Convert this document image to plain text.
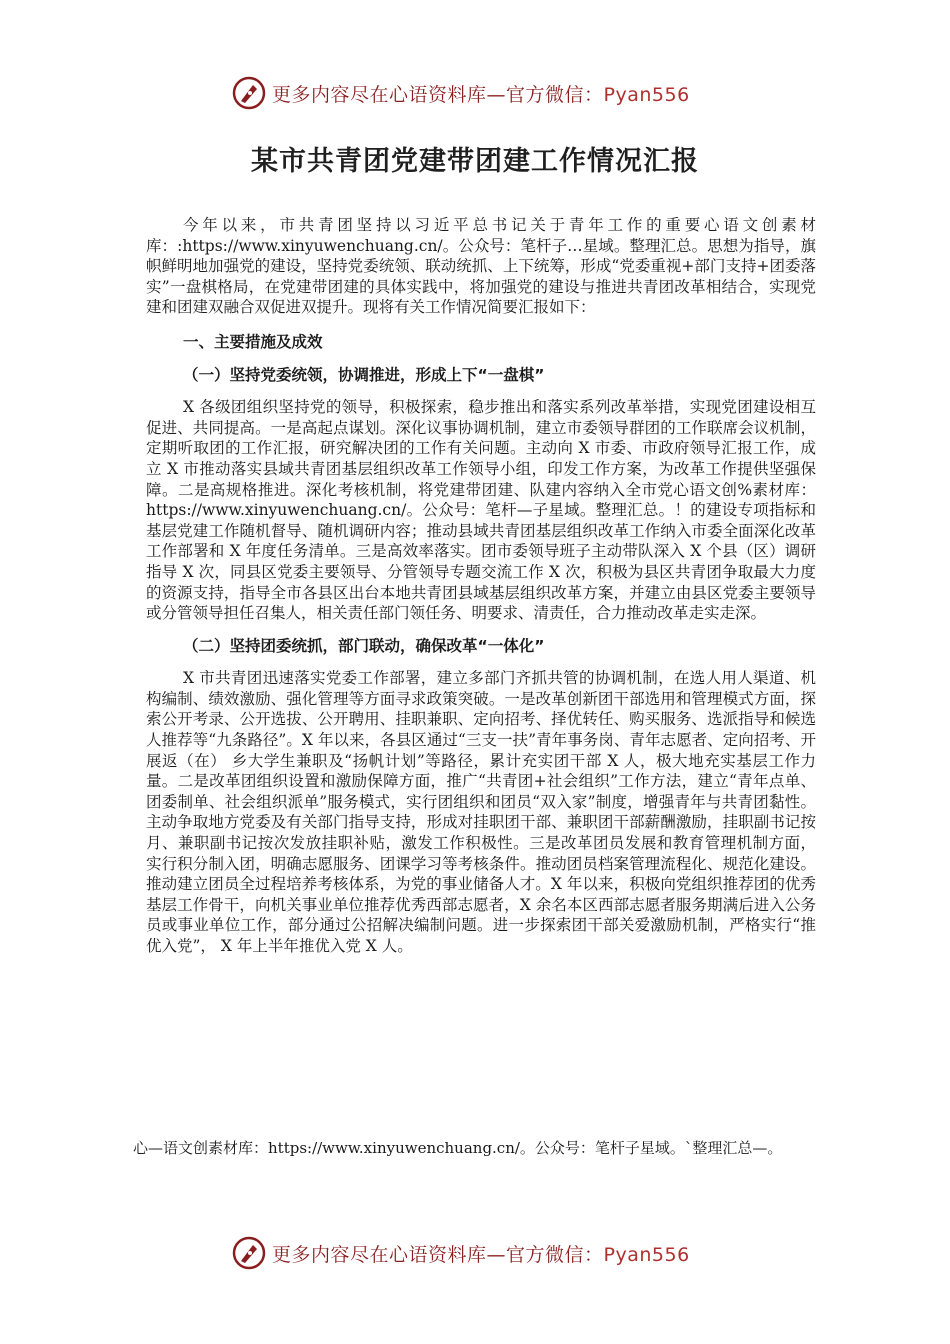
更多内容尽在心语资料库—官方微信：Pyan556
某市共青团党建带团建工作情况汇报

今年以来，市共青团坚持以习近平总书记关于青年工作的重要心语文创素材库：:https://www.xinyuwenchuang.cn/。公众号：笔杆子…星域。整理汇总。思想为指导，旗帜鲜明地加强党的建设，坚持党委统领、联动统抓、上下统筹，形成“党委重视+部门支持+团委落实”一盘棋格局，在党建带团建的具体实践中，将加强党的建设与推进共青团改革相结合，实现党建和团建双融合双促进双提升。现将有关工作情况简要汇报如下：

一、主要措施及成效
（一）坚持党委统领，协调推进，形成上下“一盘棋”

X 各级团组织坚持党的领导，积极探索，稳步推出和落实系列改革举措，实现党团建设相互促进、共同提高。一是高起点谋划。深化议事协调机制，建立市委领导群团的工作联席会议机制，定期听取团的工作汇报，研究解决团的工作有关问题。主动向 X 市委、市政府领导汇报工作，成立 X 市推动落实县域共青团基层组织改革工作领导小组，印发工作方案，为改革工作提供坚强保障。二是高规格推进。深化考核机制，将党建带团建、队建内容纳入全市党心语文创%素材库：https://www.xinyuwenchuang.cn/。公众号：笔杆—子星域。整理汇总。！的建设专项指标和基层党建工作随机督导、随机调研内容；推动县域共青团基层组织改革工作纳入市委全面深化改革工作部署和 X 年度任务清单。三是高效率落实。团市委领导班子主动带队深入 X 个县（区）调研指导 X 次，同县区党委主要领导、分管领导专题交流工作 X 次，积极为县区共青团争取最大力度的资源支持，指导全市各县区出台本地共青团县域基层组织改革方案，并建立由县区党委主要领导或分管领导担任召集人，相关责任部门领任务、明要求、清责任，合力推动改革走实走深。

（二）坚持团委统抓，部门联动，确保改革“一体化”

X 市共青团迅速落实党委工作部署，建立多部门齐抓共管的协调机制，在选人用人渠道、机构编制、绩效激励、强化管理等方面寻求政策突破。一是改革创新团干部选用和管理模式方面，探索公开考录、公开选拔、公开聘用、挂职兼职、定向招考、择优转任、购买服务、选派指导和候选人推荐等“九条路径”。X 年以来，各县区通过“三支一扶”青年事务岗、青年志愿者、定向招考、开展返（在） 乡大学生兼职及“扬帆计划”等路径，累计充实团干部 X 人，极大地充实基层工作力量。二是改革团组织设置和激励保障方面，推广“共青团+社会组织”工作方法，建立“青年点单、团委制单、社会组织派单”服务模式，实行团组织和团员“双入家”制度，增强青年与共青团黏性。主动争取地方党委及有关部门指导支持，形成对挂职团干部、兼职团干部薪酬激励，挂职副书记按月、兼职副书记按次发放挂职补贴，激发工作积极性。三是改革团员发展和教育管理机制方面， 实行积分制入团，明确志愿服务、团课学习等考核条件。推动团员档案管理流程化、规范化建设。推动建立团员全过程培养考核体系，为党的事业储备人才。X 年以来，积极向党组织推荐团的优秀基层工作骨干，向机关事业单位推荐优秀西部志愿者，X 余名本区西部志愿者服务期满后进入公务员或事业单位工作，部分通过公招解决编制问题。进一步探索团干部关爱激励机制，严格实行“推优入党”， X 年上半年推优入党 X 人。

心—语文创素材库：https://www.xinyuwenchuang.cn/。公众号：笔杆子星域。`整理汇总—。
更多内容尽在心语资料库—官方微信：Pyan556
